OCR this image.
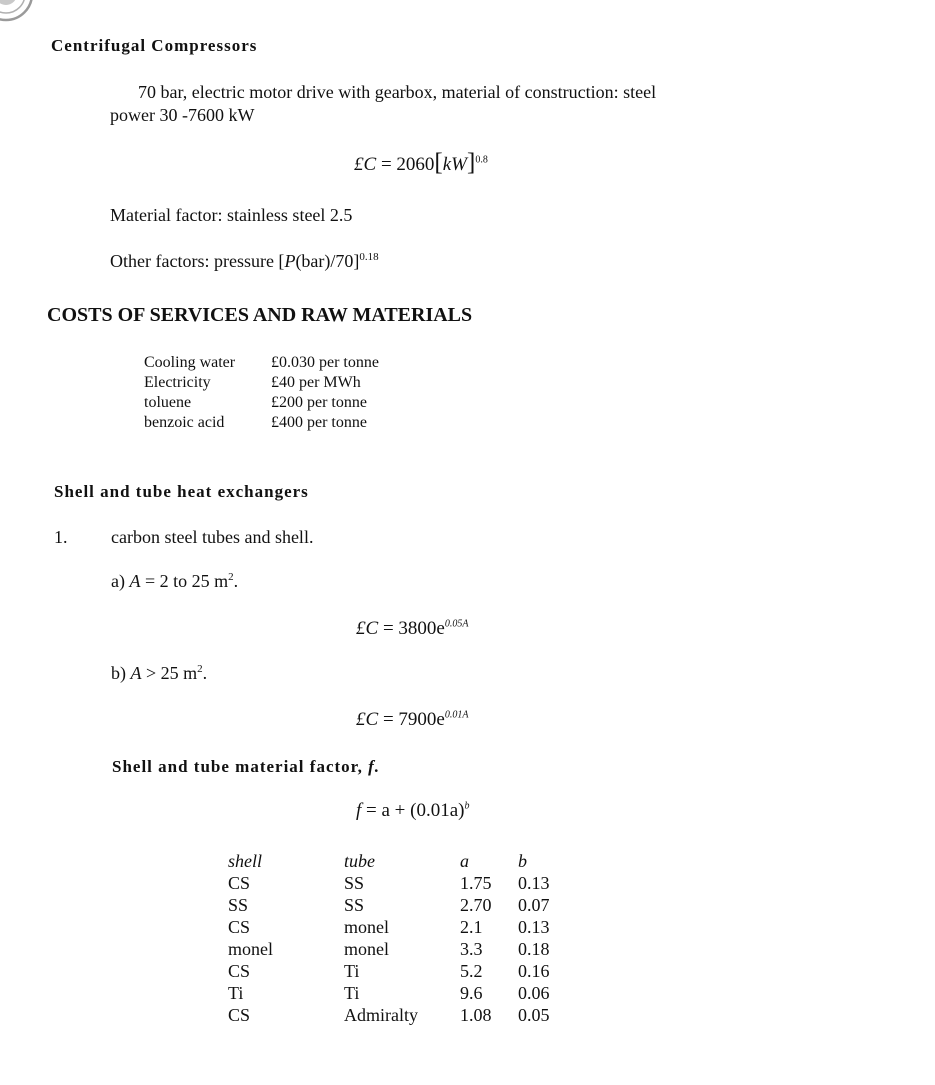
Centrifugal Compressors
70 bar, electric motor drive with gearbox, material of construction: steel
power 30 -7600 kW
£C = 2060[kW]$^{0.8}$
Material factor: stainless steel 2.5
Other factors: pressure $[P(bar)/70]^{0.18}$
COSTS OF SERVICES AND RAW MATERIALS
Cooling water	£0.030 per tonne
Electricity	£40 per MWh
toluene	£200 per tonne
benzoic acid	£400 per tonne
Shell and tube heat exchangers
1. carbon steel tubes and shell.
a) A = 2 to 25 $m^2$.
£C = $3800e^{0.05A}$
b) A > 25 $m^2$.
£C = $7900e^{0.01A}$
Shell and tube material factor, f.
$f = a + (0.01a)^b$
shell	tube	a	b
CS	SS	1.75	0.13
SS	SS	2.70	0.07
CS	monel	2.1	0.13
monel	monel	3.3	0.18
CS	Ti	5.2	0.16
Ti	Ti	9.6	0.06
CS	Admiralty	1.08	0.05
